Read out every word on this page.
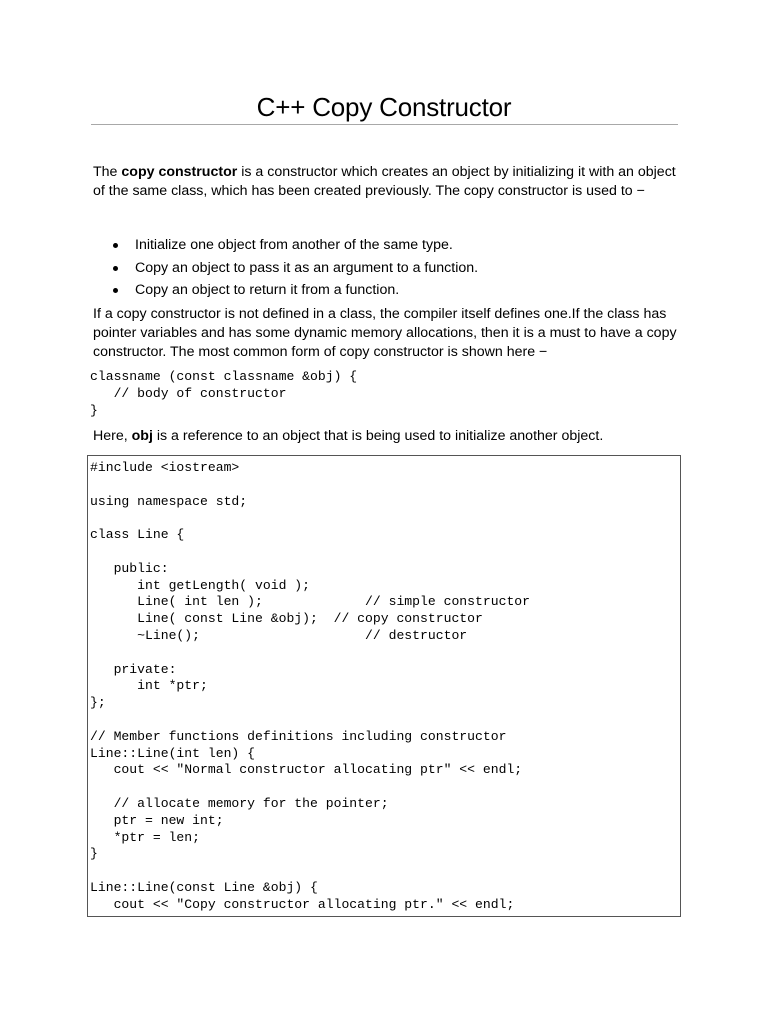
C++ Copy Constructor

The copy constructor is a constructor which creates an object by initializing it with an object of the same class, which has been created previously. The copy constructor is used to −

Initialize one object from another of the same type.
Copy an object to pass it as an argument to a function.
Copy an object to return it from a function.

If a copy constructor is not defined in a class, the compiler itself defines one.If the class has pointer variables and has some dynamic memory allocations, then it is a must to have a copy constructor. The most common form of copy constructor is shown here −

classname (const classname &obj) {
// body of constructor
}

Here, obj is a reference to an object that is being used to initialize another object.

#include <iostream>

using namespace std;

class Line {

public:
int getLength( void );
Line( int len );             // simple constructor
Line( const Line &obj);  // copy constructor
~Line();                     // destructor

private:
int *ptr;
};

// Member functions definitions including constructor
Line::Line(int len) {
cout << "Normal constructor allocating ptr" << endl;

// allocate memory for the pointer;
ptr = new int;
*ptr = len;
}

Line::Line(const Line &obj) {
cout << "Copy constructor allocating ptr." << endl;
